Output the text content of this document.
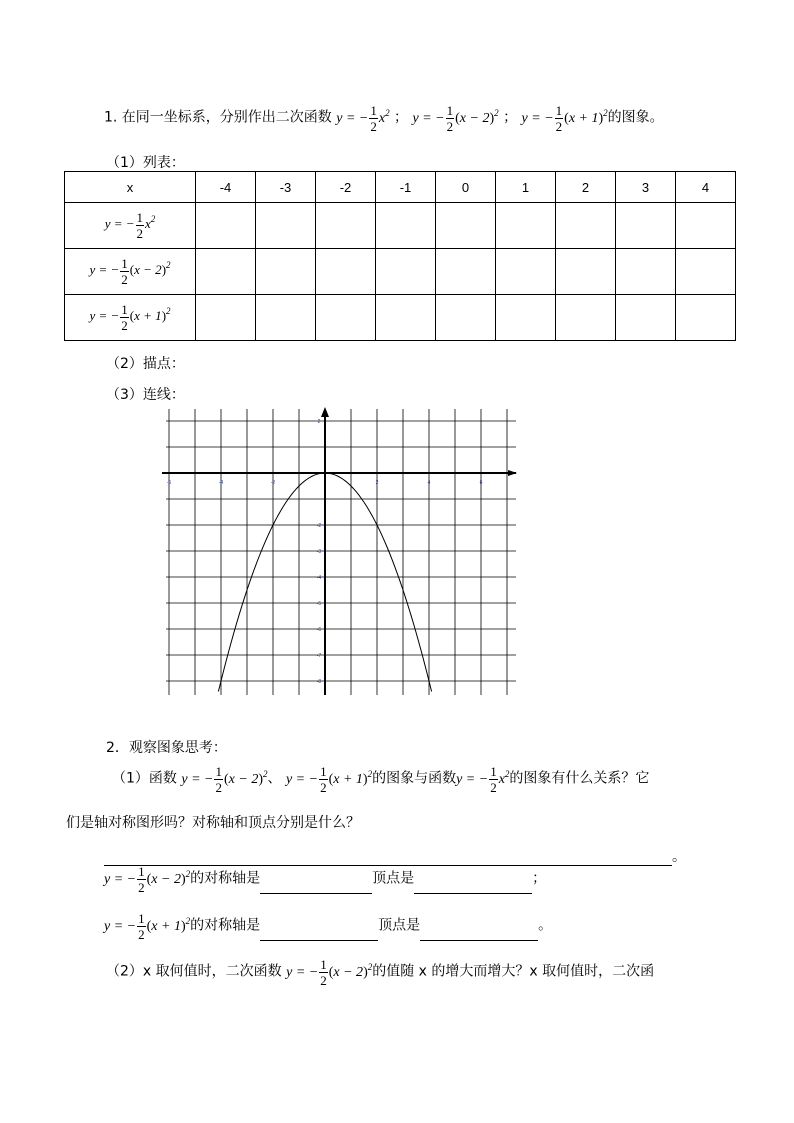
1. 在同一坐标系，分别作出二次函数 y = − $\frac{1}{2} x^2$ ； y = − $\frac{1}{2} (x - 2)^2$ ； y = − $\frac{1}{2} (x + 1)^2$的图象。
（1）列表：
x	-4	-3	-2	-1	0	1	2	3	4
y = − $\frac{1}{2} x^2$									
y = − $\frac{1}{2} (x - 2)^2$									
y = − $\frac{1}{2} (x + 1)^2$									
（2）描点：
（3）连线：
-6	-4	-2	2	4	6
2
-2
-3
-4
-5
-6
-7
-8
2．观察图象思考：
（1）函数 y = − $\frac{1}{2} (x - 2)^2$、 y = − $\frac{1}{2} (x + 1)^2$的图象与函数y = − $\frac{1}{2} x^2$的图象有什么关系？它
们是轴对称图形吗？对称轴和顶点分别是什么？
。
y = − $\frac{1}{2} (x - 2)^2$的对称轴是	顶点是	；
y = − $\frac{1}{2} (x + 1)^2$的对称轴是	顶点是	。
（2）x 取何值时，二次函数 y = − $\frac{1}{2} (x - 2)^2$的值随 x 的增大而增大？x 取何值时，二次函
